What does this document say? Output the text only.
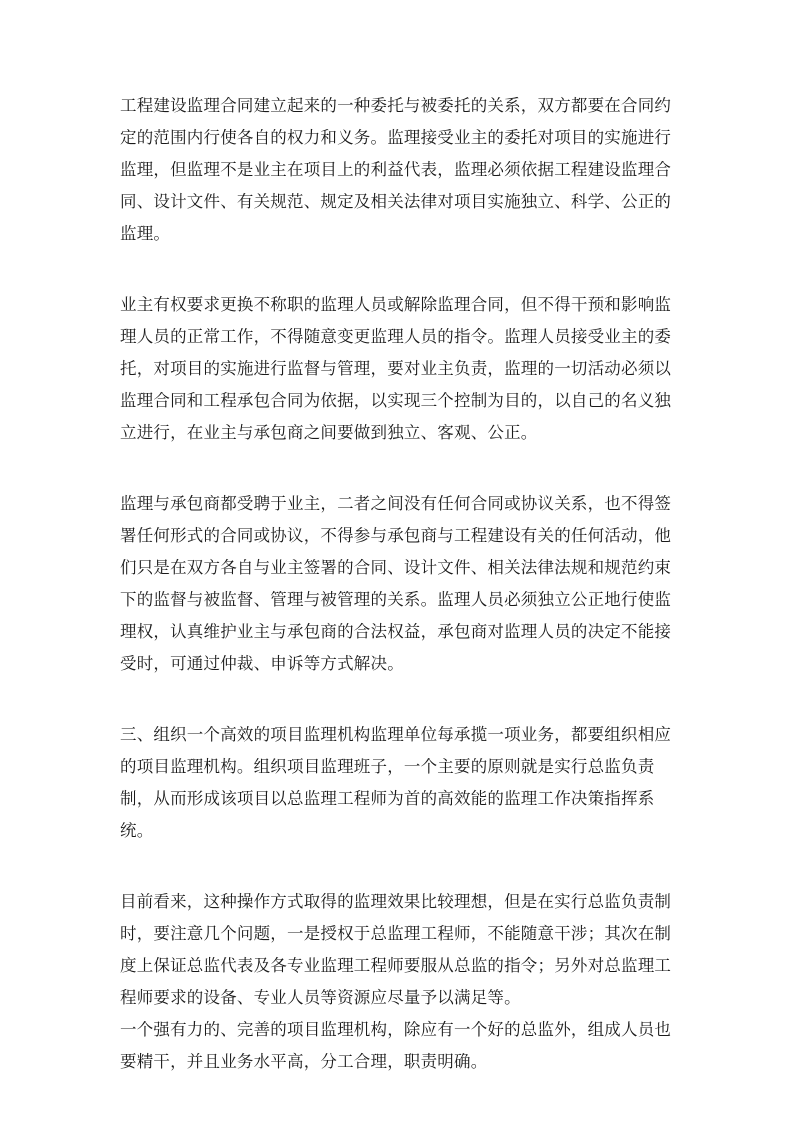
工程建设监理合同建立起来的一种委托与被委托的关系，双方都要在合同约定的范围内行使各自的权力和义务。监理接受业主的委托对项目的实施进行监理，但监理不是业主在项目上的利益代表，监理必须依据工程建设监理合同、设计文件、有关规范、规定及相关法律对项目实施独立、科学、公正的监理。

业主有权要求更换不称职的监理人员或解除监理合同，但不得干预和影响监理人员的正常工作，不得随意变更监理人员的指令。监理人员接受业主的委托，对项目的实施进行监督与管理，要对业主负责，监理的一切活动必须以监理合同和工程承包合同为依据，以实现三个控制为目的，以自己的名义独立进行，在业主与承包商之间要做到独立、客观、公正。

监理与承包商都受聘于业主，二者之间没有任何合同或协议关系，也不得签署任何形式的合同或协议，不得参与承包商与工程建设有关的任何活动，他们只是在双方各自与业主签署的合同、设计文件、相关法律法规和规范约束下的监督与被监督、管理与被管理的关系。监理人员必须独立公正地行使监理权，认真维护业主与承包商的合法权益，承包商对监理人员的决定不能接受时，可通过仲裁、申诉等方式解决。

三、组织一个高效的项目监理机构监理单位每承揽一项业务，都要组织相应的项目监理机构。组织项目监理班子，一个主要的原则就是实行总监负责制，从而形成该项目以总监理工程师为首的高效能的监理工作决策指挥系统。

目前看来，这种操作方式取得的监理效果比较理想，但是在实行总监负责制时，要注意几个问题，一是授权于总监理工程师，不能随意干涉；其次在制度上保证总监代表及各专业监理工程师要服从总监的指令；另外对总监理工程师要求的设备、专业人员等资源应尽量予以满足等。

一个强有力的、完善的项目监理机构，除应有一个好的总监外，组成人员也要精干，并且业务水平高，分工合理，职责明确。
